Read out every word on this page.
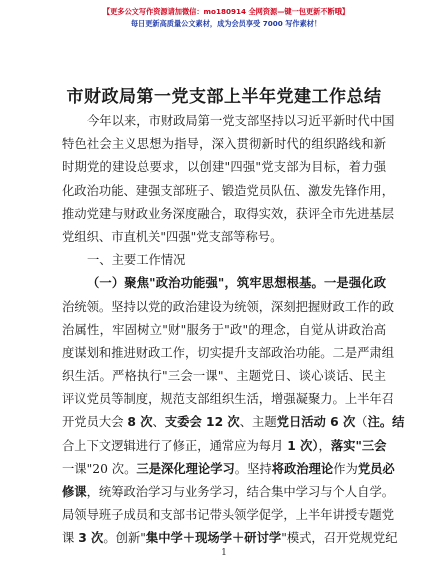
【更多公文写作资源请加微信：mo180914 全网资源—键一包更新不断哦】
每日更新高质量公文素材，成为会员享受 7000 写作素材！
市财政局第一党支部上半年党建工作总结
今年以来，市财政局第一党支部坚持以习近平新时代中国
特色社会主义思想为指导，深入贯彻新时代的组织路线和新
时期党的建设总要求，以创建"四强"党支部为目标，着力强
化政治功能、建强支部班子、锻造党员队伍、激发先锋作用，
推动党建与财政业务深度融合，取得实效，获评全市先进基层
党组织、市直机关"四强"党支部等称号。
一、主要工作情况
（一）聚焦"政治功能强"，筑牢思想根基。一是强化政
治统领。坚持以党的政治建设为统领，深刻把握财政工作的政
治属性，牢固树立"财"服务于"政"的理念，自觉从讲政治高
度谋划和推进财政工作，切实提升支部政治功能。二是严肃组
织生活。严格执行"三会一课"、主题党日、谈心谈话、民主
评议党员等制度，规范支部组织生活，增强凝聚力。上半年召
开党员大会 8 次、支委会 12 次、主题党日活动 6 次（注。结
合上下文逻辑进行了修正，通常应为每月 1 次），落实"三会
一课"20 次。三是深化理论学习。坚持将政治理论作为党员必
修课，统筹政治学习与业务学习，结合集中学习与个人自学。
局领导班子成员和支部书记带头领学促学，上半年讲授专题党
课 3 次。创新"集中学＋现场学＋研讨学"模式，召开党规党纪
1
